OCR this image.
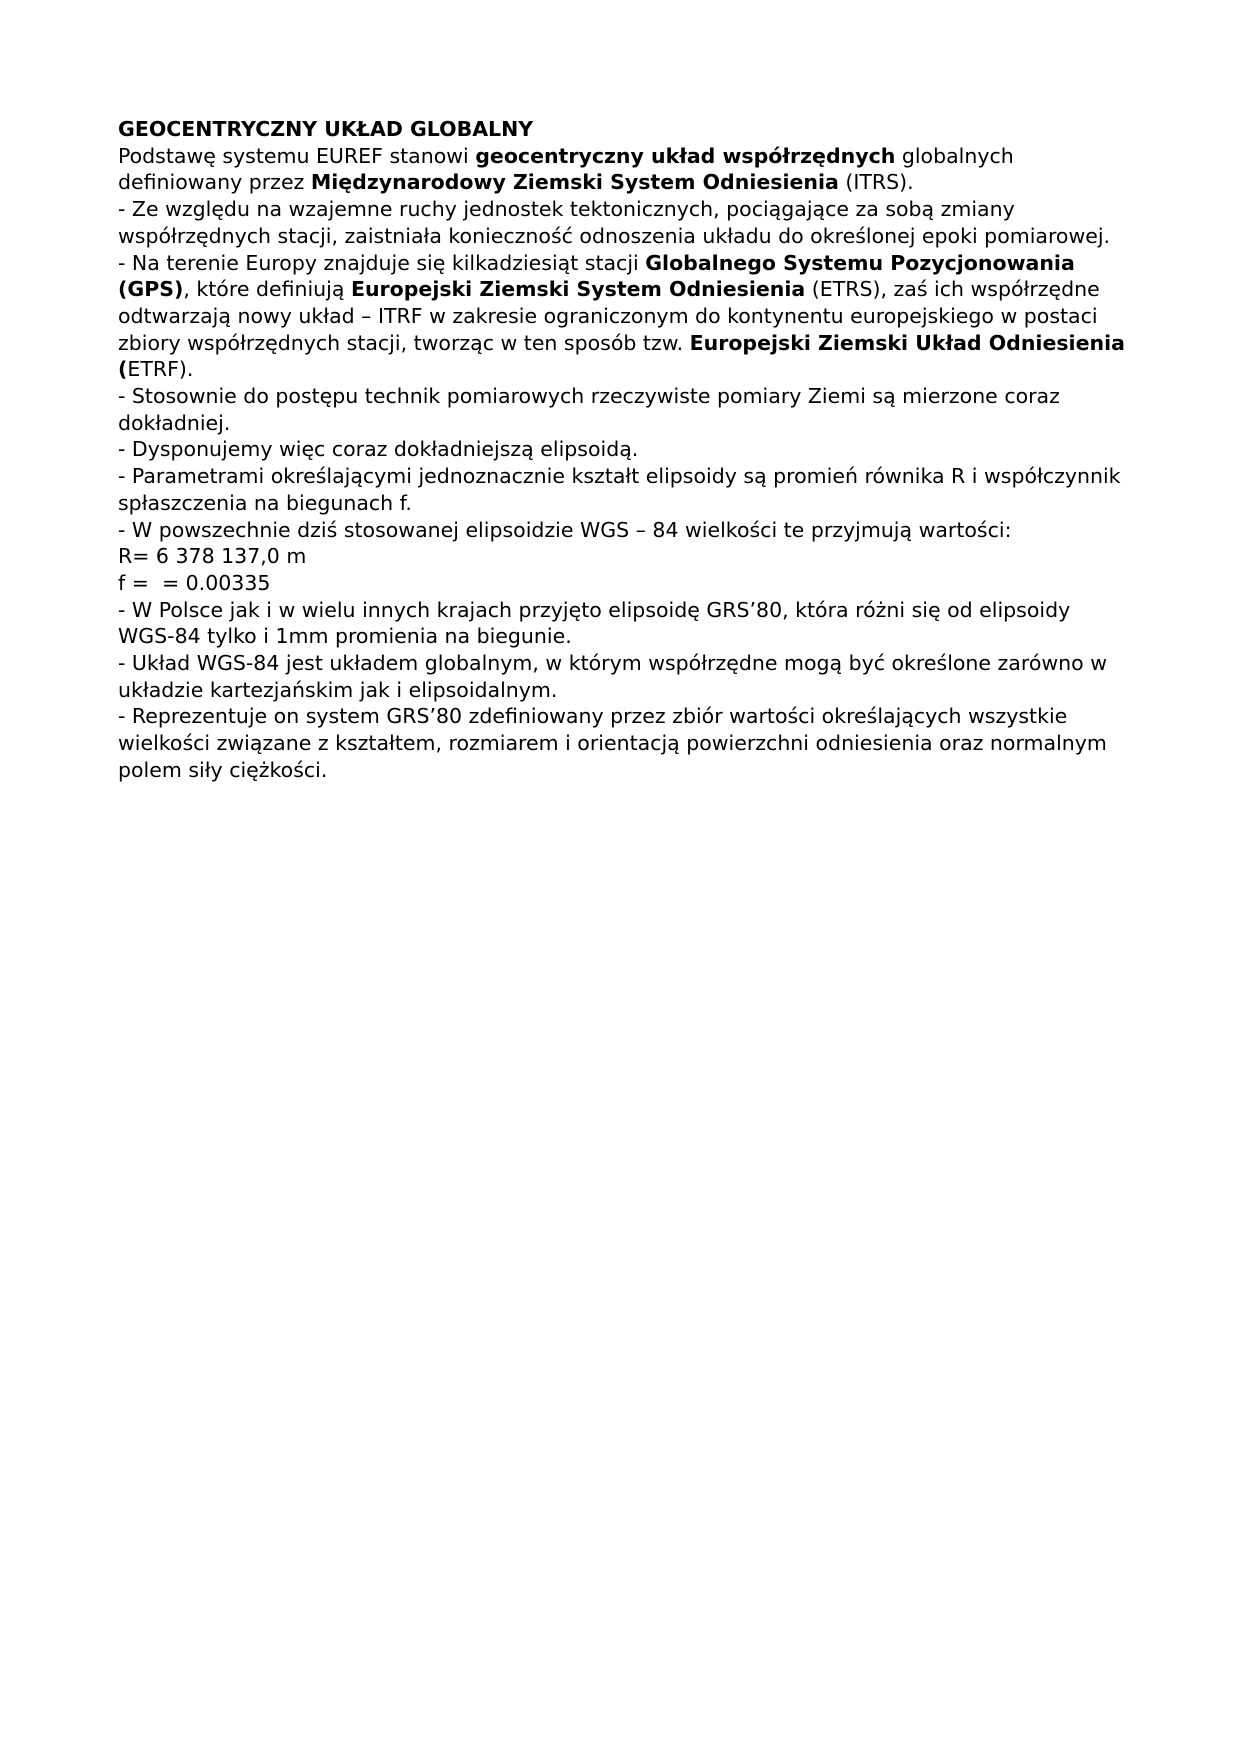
GEOCENTRYCZNY UKŁAD GLOBALNY

Podstawę systemu EUREF stanowi geocentryczny układ współrzędnych globalnych definiowany przez Międzynarodowy Ziemski System Odniesienia (ITRS).

- Ze względu na wzajemne ruchy jednostek tektonicznych, pociągające za sobą zmiany współrzędnych stacji, zaistniała konieczność odnoszenia układu do określonej epoki pomiarowej.

- Na terenie Europy znajduje się kilkadziesiąt stacji Globalnego Systemu Pozycjonowania (GPS), które definiują Europejski Ziemski System Odniesienia (ETRS), zaś ich współrzędne odtwarzają nowy układ – ITRF w zakresie ograniczonym do kontynentu europejskiego w postaci zbiory współrzędnych stacji, tworząc w ten sposób tzw. Europejski Ziemski Układ Odniesienia (ETRF).

- Stosownie do postępu technik pomiarowych rzeczywiste pomiary Ziemi są mierzone coraz dokładniej.

- Dysponujemy więc coraz dokładniejszą elipsoidą.

- Parametrami określającymi jednoznacznie kształt elipsoidy są promień równika R i współczynnik spłaszczenia na biegunach f.

- W powszechnie dziś stosowanej elipsoidzie WGS – 84 wielkości te przyjmują wartości:

R= 6 378 137,0 m

f =  = 0.00335

- W Polsce jak i w wielu innych krajach przyjęto elipsoidę GRS’80, która różni się od elipsoidy WGS-84 tylko i 1mm promienia na biegunie.

- Układ WGS-84 jest układem globalnym, w którym współrzędne mogą być określone zarówno w układzie kartezjańskim jak i elipsoidalnym.

- Reprezentuje on system GRS’80 zdefiniowany przez zbiór wartości określających wszystkie wielkości związane z kształtem, rozmiarem i orientacją powierzchni odniesienia oraz normalnym polem siły ciężkości.
